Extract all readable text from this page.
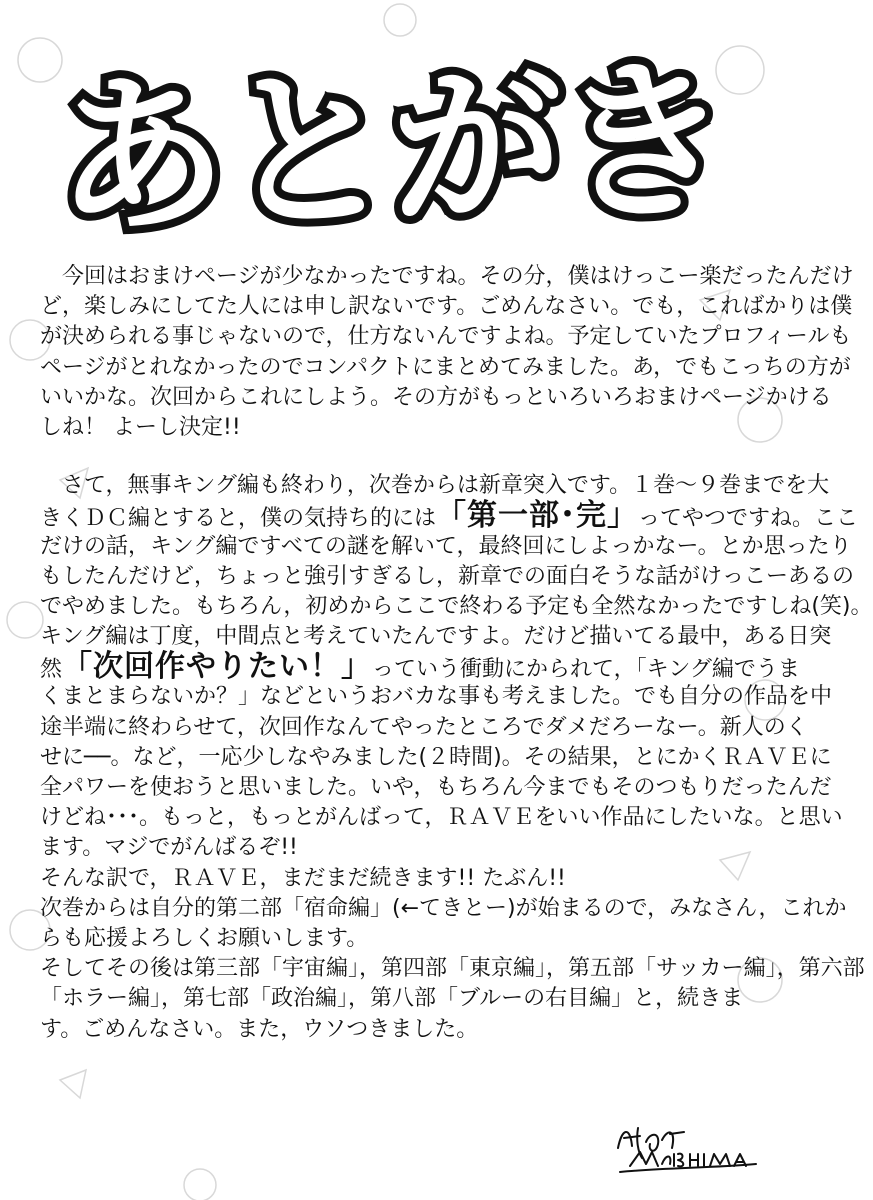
あとがき

　今回はおまけページが少なかったですね。その分，僕はけっこー楽だったんだけ
ど，楽しみにしてた人には申し訳ないです。ごめんなさい。でも，こればかりは僕
が決められる事じゃないので，仕方ないんですよね。予定していたプロフィールも
ページがとれなかったのでコンパクトにまとめてみました。あ，でもこっちの方が
いいかな。次回からこれにしよう。その方がもっといろいろおまけページかける
しね！ よーし決定!!

　さて，無事キング編も終わり，次巻からは新章突入です。１巻～９巻までを大
きくＤＣ編とすると，僕の気持ち的には「第一部･完」ってやつですね。ここ
だけの話，キング編ですべての謎を解いて，最終回にしよっかなー。とか思ったり
もしたんだけど，ちょっと強引すぎるし，新章での面白そうな話がけっこーあるの
でやめました。もちろん，初めからここで終わる予定も全然なかったですしね(笑)。
キング編は丁度，中間点と考えていたんですよ。だけど描いてる最中，ある日突
然「次回作やりたい！」っていう衝動にかられて，「キング編でうま
くまとまらないか？」などというおバカな事も考えました。でも自分の作品を中
途半端に終わらせて，次回作なんてやったところでダメだろーなー。新人のく
せに──。など，一応少しなやみました(２時間)。その結果，とにかくＲＡＶＥに
全パワーを使おうと思いました。いや，もちろん今までもそのつもりだったんだ
けどね･･･。もっと，もっとがんばって，ＲＡＶＥをいい作品にしたいな。と思い
ます。マジでがんばるぞ!!
そんな訳で，ＲＡＶＥ，まだまだ続きます!! たぶん!!
次巻からは自分的第二部「宿命編」(←てきとー)が始まるので，みなさん，これか
らも応援よろしくお願いします。
そしてその後は第三部「宇宙編」，第四部「東京編」，第五部「サッカー編」，第六部
「ホラー編」，第七部「政治編」，第八部「ブルーの右目編」と，続きま
す。ごめんなさい。また，ウソつきました。
